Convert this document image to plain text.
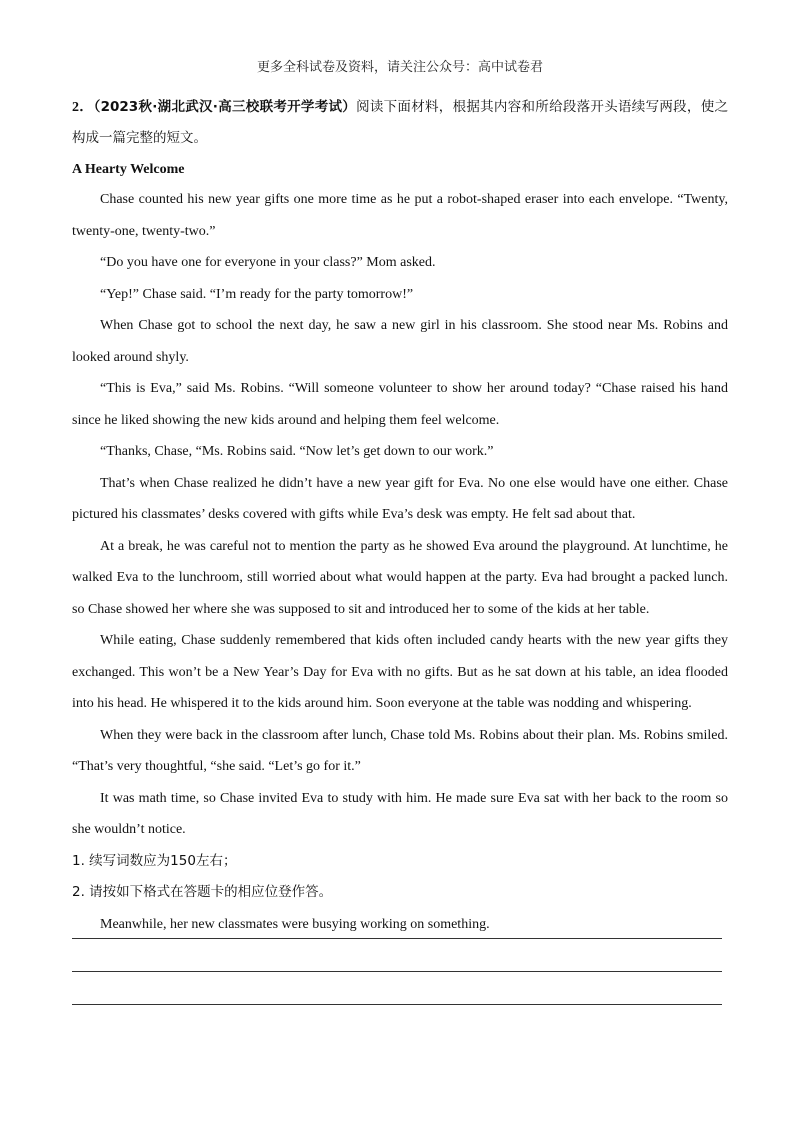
更多全科试卷及资料，请关注公众号：高中试卷君

2．（2023秋·湖北武汉·高三校联考开学考试）阅读下面材料，根据其内容和所给段落开头语续写两段，使之构成一篇完整的短文。

A Hearty Welcome

Chase counted his new year gifts one more time as he put a robot-shaped eraser into each envelope. “Twenty, twenty-one, twenty-two.”

“Do you have one for everyone in your class?” Mom asked.

“Yep!” Chase said. “I’m ready for the party tomorrow!”

When Chase got to school the next day, he saw a new girl in his classroom. She stood near Ms. Robins and looked around shyly.

“This is Eva,” said Ms. Robins. “Will someone volunteer to show her around today? “Chase raised his hand since he liked showing the new kids around and helping them feel welcome.

“Thanks, Chase, “Ms. Robins said. “Now let’s get down to our work.”

That’s when Chase realized he didn’t have a new year gift for Eva. No one else would have one either. Chase pictured his classmates’ desks covered with gifts while Eva’s desk was empty. He felt sad about that.

At a break, he was careful not to mention the party as he showed Eva around the playground. At lunchtime, he walked Eva to the lunchroom, still worried about what would happen at the party. Eva had brought a packed lunch. so Chase showed her where she was supposed to sit and introduced her to some of the kids at her table.

While eating, Chase suddenly remembered that kids often included candy hearts with the new year gifts they exchanged. This won’t be a New Year’s Day for Eva with no gifts. But as he sat down at his table, an idea flooded into his head. He whispered it to the kids around him. Soon everyone at the table was nodding and whispering.

When they were back in the classroom after lunch, Chase told Ms. Robins about their plan. Ms. Robins smiled. “That’s very thoughtful, “she said. “Let’s go for it.”

It was math time, so Chase invited Eva to study with him. He made sure Eva sat with her back to the room so she wouldn’t notice.

1. 续写词数应为150左右；

2. 请按如下格式在答题卡的相应位登作答。

Meanwhile, her new classmates were busying working on something.
